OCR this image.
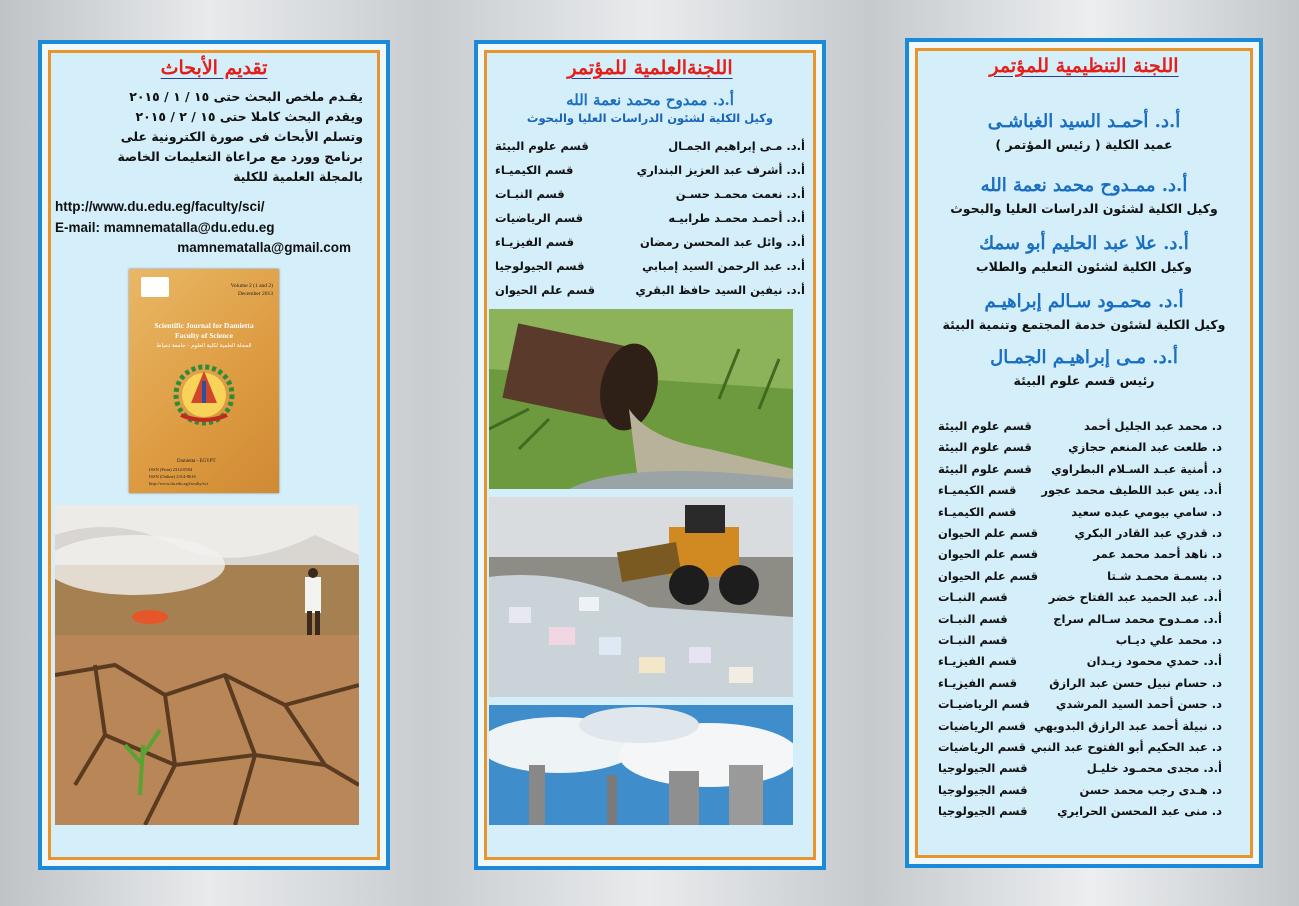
تقديم الأبحاث
يقـدم ملخص البحث حتى ١٥ / ١ / ٢٠١٥
ويقدم البحث كاملا حتى ١٥ / ٢ / ٢٠١٥
وتسلم الأبحاث فى صورة الكترونية على
برنامج وورد مع مراعاة التعليمات الخاصة
بالمجلة العلمية للكلية
http://www.du.edu.eg/faculty/sci/
E-mail: mamnematalla@du.edu.eg
mamnematalla@gmail.com
Volume 2 (1 and 2)
December 2013
Scientific Journal for Damietta
Faculty of Science
المجلة العلمية لكلية العلوم - جامعة دمياط
Damietta - EGYPT
ISSN (Print) 2314-8594
ISSN (Online) 2314-8616
http://www.du.edu.eg/faculty/sci
اللجنةالعلمية للمؤتمر
أ.د. ممدوح محمد نعمة الله
وكيل الكلية لشئون الدراسات العليا والبحوث
أ.د. مـى إبراهيم الجمـال
قسم علوم البيئة
أ.د. أشرف عبد العزيز البنداري
قسم الكيميـاء
أ.د. نعمت محمـد حسـن
قسم النبـات
أ.د. أحمـد محمـد طرابيـه
قسم الرياضيات
أ.د. وائل عبد المحسن رمضان
قسم الفيزيـاء
أ.د. عبد الرحمن السيد إمبابي
قسم الجيولوجيا
أ.د. نيفين السيد حافظ البقري
قسم علم الحيوان
اللجنة التنظيمية للمؤتمر
أ.د. أحمـد السيد الغباشـى
عميد الكلية ( رئيس المؤتمر )
أ.د. ممـدوح محمد نعمة الله
وكيل الكلية لشئون الدراسات العليا والبحوث
أ.د. علا عبد الحليم أبو سمك
وكيل الكلية لشئون التعليم والطلاب
أ.د. محمـود سـالم إبراهيـم
وكيل الكلية لشئون خدمة المجتمع وتنمية البيئة
أ.د. مـى إبراهيـم الجمـال
رئيس قسم علوم البيئة
د. محمد عبد الجليل أحمد
قسم علوم البيئة
د. طلعت عبد المنعم حجازي
قسم علوم البيئة
د. أمنية عبـد السـلام البطراوي
قسم علوم البيئة
أ.د. يس عبد اللطيف محمد عجور
قسم الكيميـاء
د. سامي بيومي عبده سعيد
قسم الكيميـاء
د. قدري عبد القادر البكري
قسم علم الحيوان
د. ناهد أحمد محمد عمر
قسم علم الحيوان
د. بسمـة محمـد شـتا
قسم علم الحيوان
أ.د. عبد الحميد عبد الفتاح خضر
قسم النبـات
أ.د. ممـدوح محمد سـالم سراج
قسم النبـات
د. محمد علي ديـاب
قسم النبـات
أ.د. حمدي محمود زيـدان
قسم الفيزيـاء
د. حسام نبيل حسن عبد الرازق
قسم الفيزيـاء
د. حسن أحمد السيد المرشدي
قسم الرياضيـات
د. نبيلة أحمد عبد الرازق البدويهي
قسم الرياضيات
د. عبد الحكيم أبو الفتوح عبد النبي
قسم الرياضيات
أ.د. مجدى محمـود خليـل
قسم الجيولوجيا
د. هـدى رجب محمد حسن
قسم الجيولوجيا
د. منى عبد المحسن الحرايري
قسم الجيولوجيا
